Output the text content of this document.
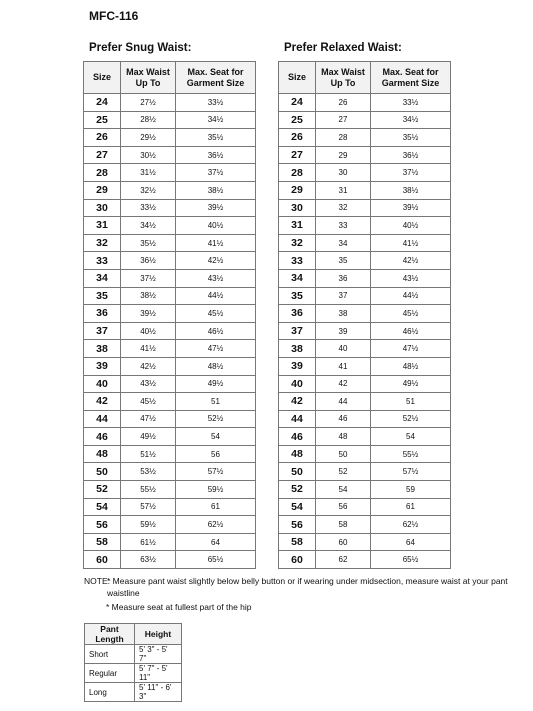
MFC-116
Prefer Snug Waist:
Size	Max Waist Up To	Max. Seat for Garment Size
24	27½	33½
25	28½	34½
26	29½	35½
27	30½	36½
28	31½	37½
29	32½	38½
30	33½	39½
31	34½	40½
32	35½	41½
33	36½	42½
34	37½	43½
35	38½	44½
36	39½	45½
37	40½	46½
38	41½	47½
39	42½	48½
40	43½	49½
42	45½	51
44	47½	52½
46	49½	54
48	51½	56
50	53½	57½
52	55½	59½
54	57½	61
56	59½	62½
58	61½	64
60	63½	65½
Prefer Relaxed Waist:
Size	Max Waist Up To	Max. Seat for Garment Size
24	26	33½
25	27	34½
26	28	35½
27	29	36½
28	30	37½
29	31	38½
30	32	39½
31	33	40½
32	34	41½
33	35	42½
34	36	43½
35	37	44½
36	38	45½
37	39	46½
38	40	47½
39	41	48½
40	42	49½
42	44	51
44	46	52½
46	48	54
48	50	55½
50	52	57½
52	54	59
54	56	61
56	58	62½
58	60	64
60	62	65½
NOTE:
* Measure pant waist slightly below belly button or if wearing under midsection, measure waist at your pant waistline
* Measure seat at fullest part of the hip
Pant Length	Height
Short	5' 3" - 5' 7"
Regular	5' 7" - 5' 11"
Long	5' 11" - 6' 3"
